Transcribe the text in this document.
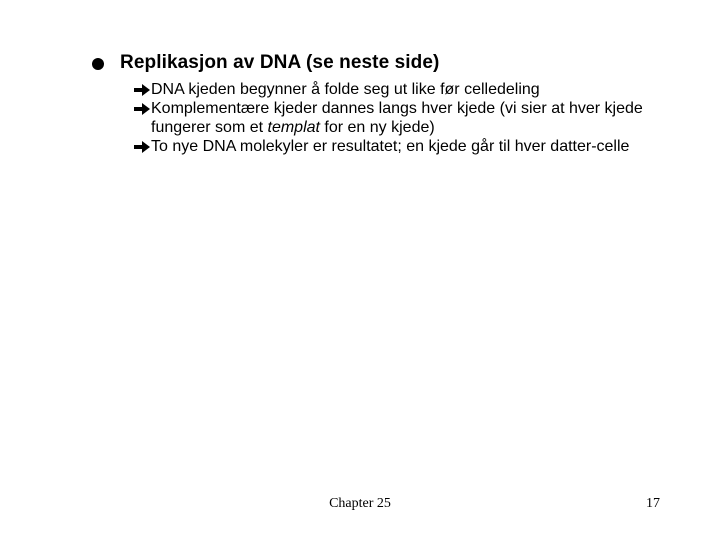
Replikasjon av DNA (se neste side)

DNA kjeden begynner å folde seg ut like før celledeling

Komplementære kjeder dannes langs hver kjede (vi sier at hver kjede fungerer som et templat for en ny kjede)

To nye DNA molekyler er resultatet; en kjede går til hver datter-celle

Chapter 25	17
